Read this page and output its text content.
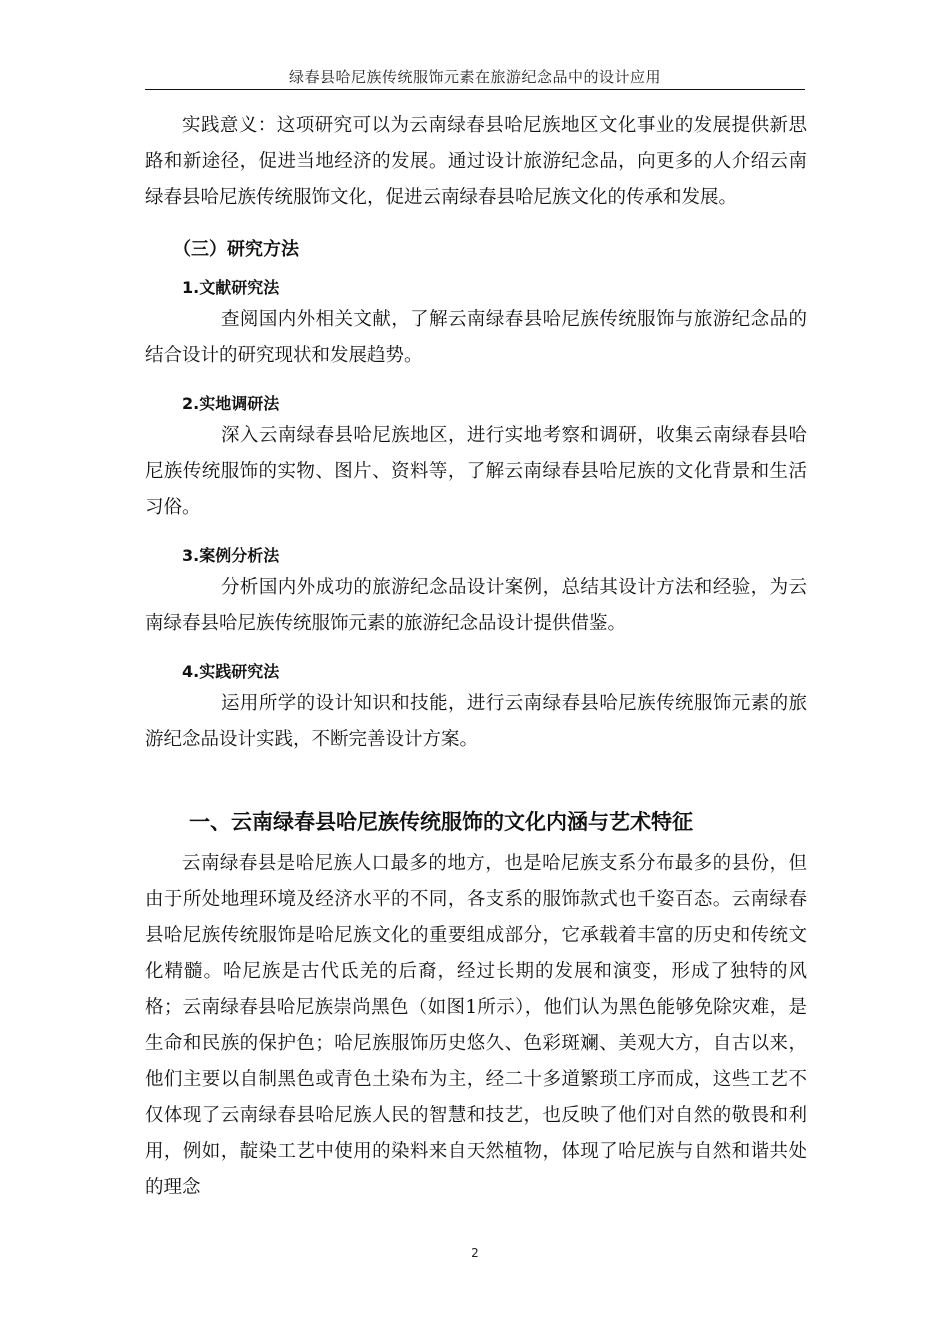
绿春县哈尼族传统服饰元素在旅游纪念品中的设计应用

实践意义：这项研究可以为云南绿春县哈尼族地区文化事业的发展提供新思路和新途径，促进当地经济的发展。通过设计旅游纪念品，向更多的人介绍云南绿春县哈尼族传统服饰文化，促进云南绿春县哈尼族文化的传承和发展。

（三）研究方法
1.文献研究法

查阅国内外相关文献，了解云南绿春县哈尼族传统服饰与旅游纪念品的结合设计的研究现状和发展趋势。

2.实地调研法

深入云南绿春县哈尼族地区，进行实地考察和调研，收集云南绿春县哈尼族传统服饰的实物、图片、资料等，了解云南绿春县哈尼族的文化背景和生活习俗。

3.案例分析法

分析国内外成功的旅游纪念品设计案例，总结其设计方法和经验，为云南绿春县哈尼族传统服饰元素的旅游纪念品设计提供借鉴。

4.实践研究法

运用所学的设计知识和技能，进行云南绿春县哈尼族传统服饰元素的旅游纪念品设计实践，不断完善设计方案。

一、云南绿春县哈尼族传统服饰的文化内涵与艺术特征

云南绿春县是哈尼族人口最多的地方，也是哈尼族支系分布最多的县份，但由于所处地理环境及经济水平的不同，各支系的服饰款式也千姿百态。云南绿春县哈尼族传统服饰是哈尼族文化的重要组成部分，它承载着丰富的历史和传统文化精髓。哈尼族是古代氐羌的后裔，经过长期的发展和演变，形成了独特的风格；云南绿春县哈尼族崇尚黑色（如图1所示），他们认为黑色能够免除灾难，是生命和民族的保护色；哈尼族服饰历史悠久、色彩斑斓、美观大方，自古以来，他们主要以自制黑色或青色土染布为主，经二十多道繁琐工序而成，这些工艺不仅体现了云南绿春县哈尼族人民的智慧和技艺，也反映了他们对自然的敬畏和利用，例如，靛染工艺中使用的染料来自天然植物，体现了哈尼族与自然和谐共处的理念

2
